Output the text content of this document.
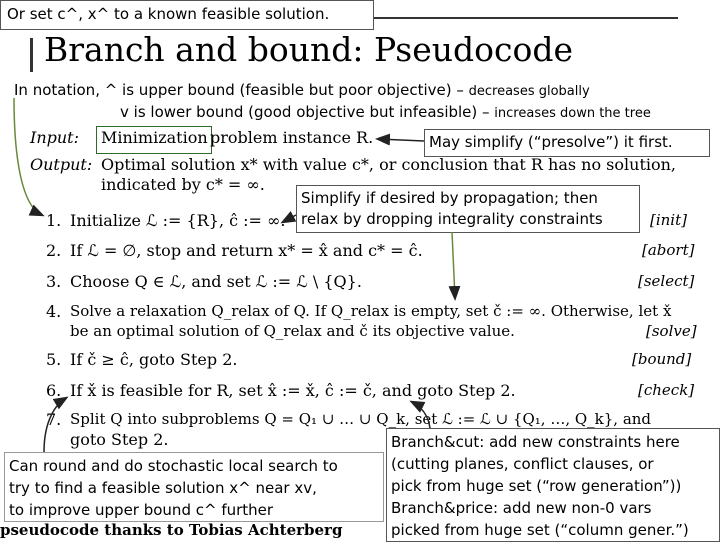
Or set c^, x^ to a known feasible solution.
Branch and bound: Pseudocode
In notation, ^ is upper bound (feasible but poor objective) – decreases globally
v is lower bound (good objective but infeasible) – increases down the tree
Input: Minimization problem instance R.	May simplify (“presolve”) it first.
Output: Optimal solution x* with value c*, or conclusion that R has no solution,
indicated by c* = ∞.
Simplify if desired by propagation; then
relax by dropping integrality constraints
1. Initialize ℒ := {R}, ĉ := ∞.	[init]
2. If ℒ = ∅, stop and return x* = x̂ and c* = ĉ.	[abort]
3. Choose Q ∈ ℒ, and set ℒ := ℒ \ {Q}.	[select]
4. Solve a relaxation Q_relax of Q. If Q_relax is empty, set č := ∞. Otherwise, let x̌
be an optimal solution of Q_relax and č its objective value.	[solve]
5. If č ≥ ĉ, goto Step 2.	[bound]
6. If x̌ is feasible for R, set x̂ := x̌, ĉ := č, and goto Step 2.	[check]
7. Split Q into subproblems Q = Q₁ ∪ … ∪ Q_k, set ℒ := ℒ ∪ {Q₁, …, Q_k}, and
goto Step 2.
Can round and do stochastic local search to
try to find a feasible solution x^ near xv,
to improve upper bound c^ further
Branch&cut: add new constraints here
(cutting planes, conflict clauses, or
pick from huge set (“row generation”))
Branch&price: add new non-0 vars
picked from huge set (“column gener.”)
pseudocode thanks to Tobias Achterberg
